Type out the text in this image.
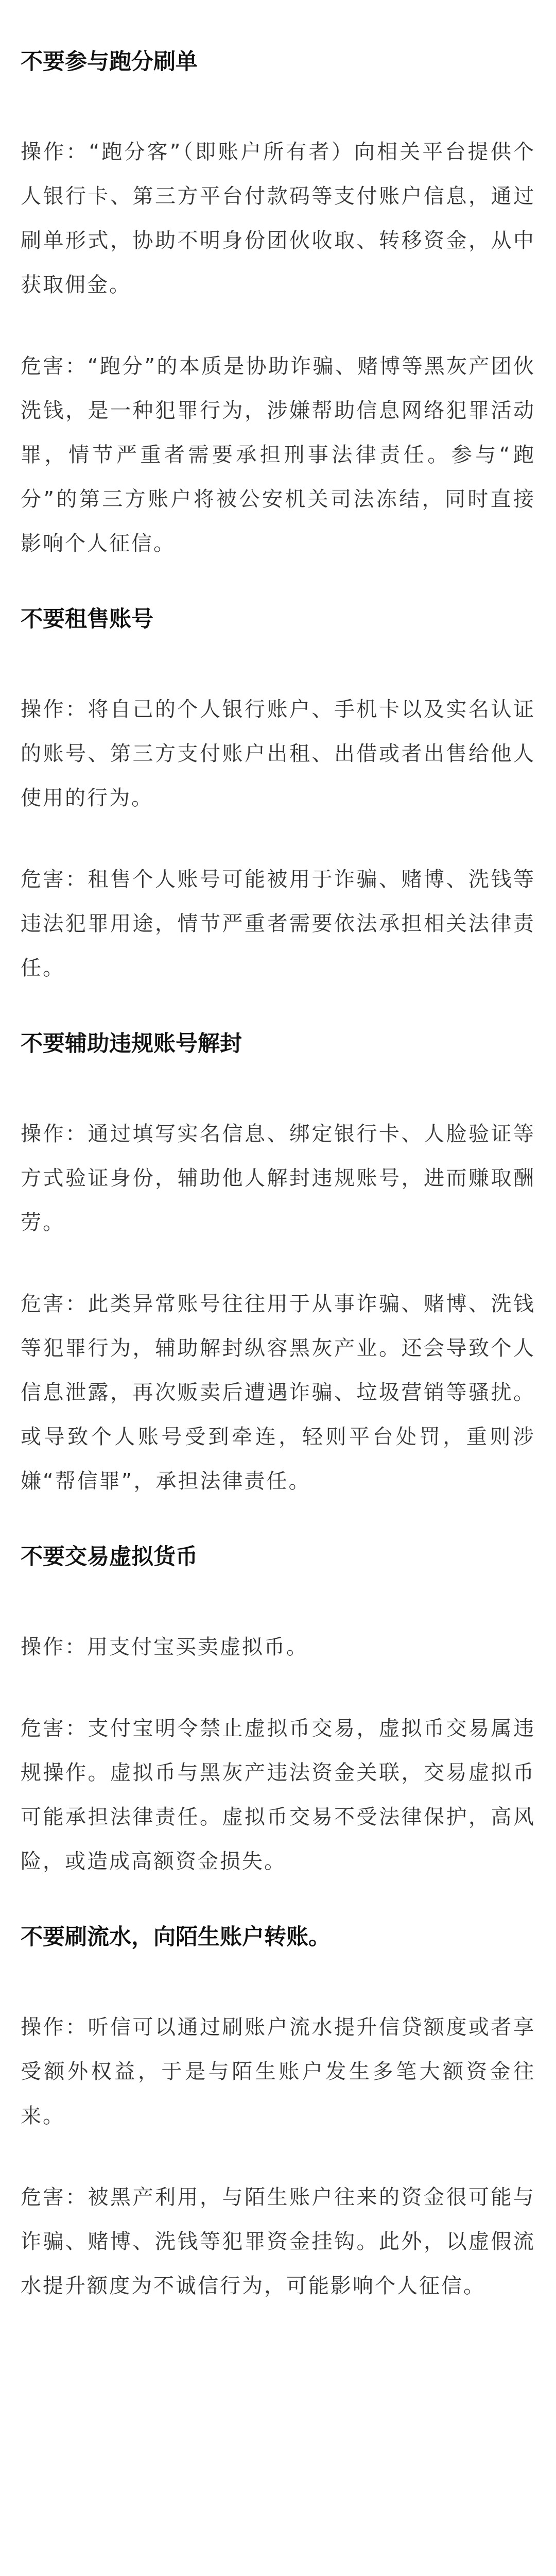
不要参与跑分刷单
操作：“跑分客”（即账户所有者）向相关平台提供个人银行卡、第三方平台付款码等支付账户信息，通过刷单形式，协助不明身份团伙收取、转移资金，从中获取佣金。
危害：“跑分”的本质是协助诈骗、赌博等黑灰产团伙洗钱，是一种犯罪行为，涉嫌帮助信息网络犯罪活动罪，情节严重者需要承担刑事法律责任。参与“跑分”的第三方账户将被公安机关司法冻结，同时直接影响个人征信。
不要租售账号
操作：将自己的个人银行账户、手机卡以及实名认证的账号、第三方支付账户出租、出借或者出售给他人使用的行为。
危害：租售个人账号可能被用于诈骗、赌博、洗钱等违法犯罪用途，情节严重者需要依法承担相关法律责任。
不要辅助违规账号解封
操作：通过填写实名信息、绑定银行卡、人脸验证等方式验证身份，辅助他人解封违规账号，进而赚取酬劳。
危害：此类异常账号往往用于从事诈骗、赌博、洗钱等犯罪行为，辅助解封纵容黑灰产业。还会导致个人信息泄露，再次贩卖后遭遇诈骗、垃圾营销等骚扰。或导致个人账号受到牵连，轻则平台处罚，重则涉嫌“帮信罪”，承担法律责任。
不要交易虚拟货币
操作：用支付宝买卖虚拟币。
危害：支付宝明令禁止虚拟币交易，虚拟币交易属违规操作。虚拟币与黑灰产违法资金关联，交易虚拟币可能承担法律责任。虚拟币交易不受法律保护，高风险，或造成高额资金损失。
不要刷流水，向陌生账户转账。
操作：听信可以通过刷账户流水提升信贷额度或者享受额外权益，于是与陌生账户发生多笔大额资金往来。
危害：被黑产利用，与陌生账户往来的资金很可能与诈骗、赌博、洗钱等犯罪资金挂钩。此外，以虚假流水提升额度为不诚信行为，可能影响个人征信。
